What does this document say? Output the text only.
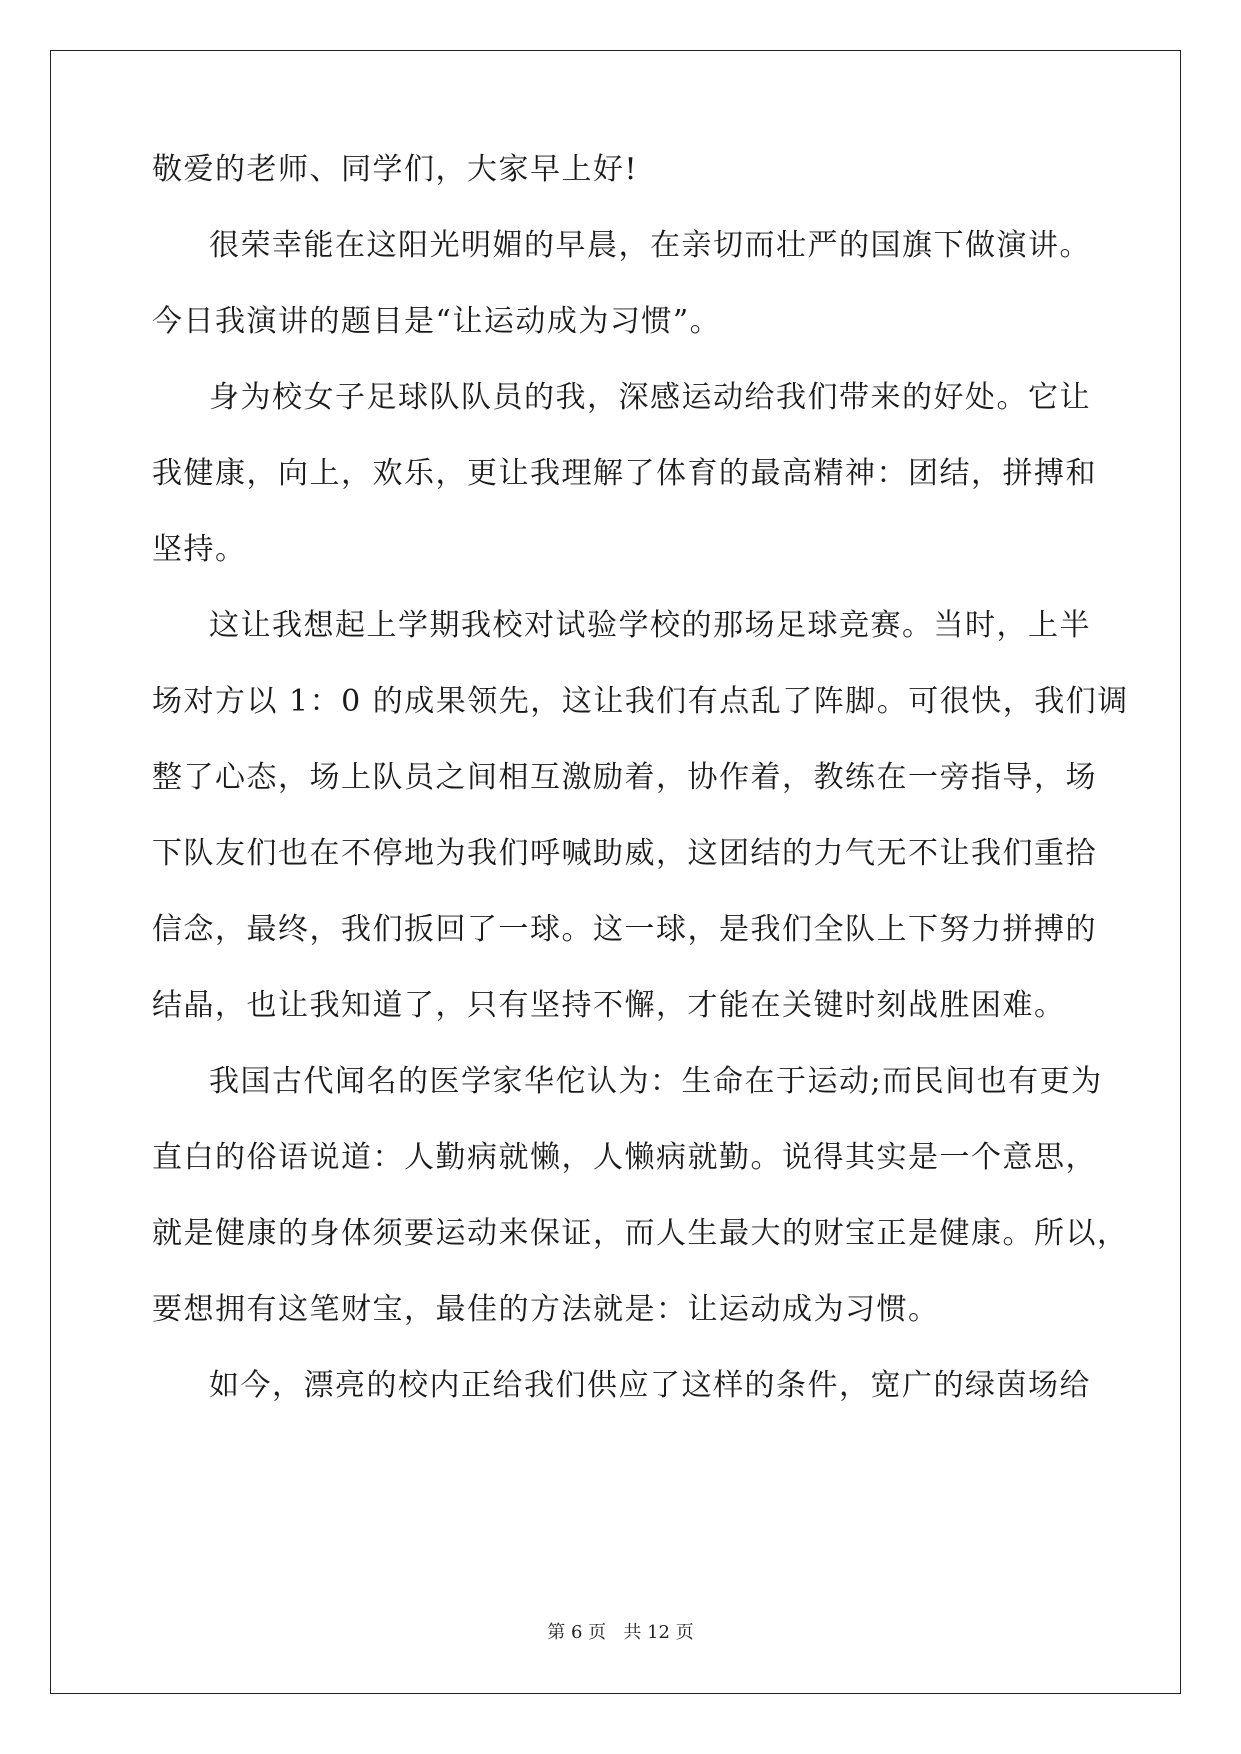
敬爱的老师、同学们，大家早上好!
很荣幸能在这阳光明媚的早晨，在亲切而壮严的国旗下做演讲。
今日我演讲的题目是“让运动成为习惯”。
身为校女子足球队队员的我，深感运动给我们带来的好处。它让
我健康，向上，欢乐，更让我理解了体育的最高精神：团结，拼搏和
坚持。
这让我想起上学期我校对试验学校的那场足球竞赛。当时，上半
场对方以 1：0 的成果领先，这让我们有点乱了阵脚。可很快，我们调
整了心态，场上队员之间相互激励着，协作着，教练在一旁指导，场
下队友们也在不停地为我们呼喊助威，这团结的力气无不让我们重拾
信念，最终，我们扳回了一球。这一球，是我们全队上下努力拼搏的
结晶，也让我知道了，只有坚持不懈，才能在关键时刻战胜困难。
我国古代闻名的医学家华佗认为：生命在于运动;而民间也有更为
直白的俗语说道：人勤病就懒，人懒病就勤。说得其实是一个意思，
就是健康的身体须要运动来保证，而人生最大的财宝正是健康。所以，
要想拥有这笔财宝，最佳的方法就是：让运动成为习惯。
如今，漂亮的校内正给我们供应了这样的条件，宽广的绿茵场给
第 6 页   共 12 页
